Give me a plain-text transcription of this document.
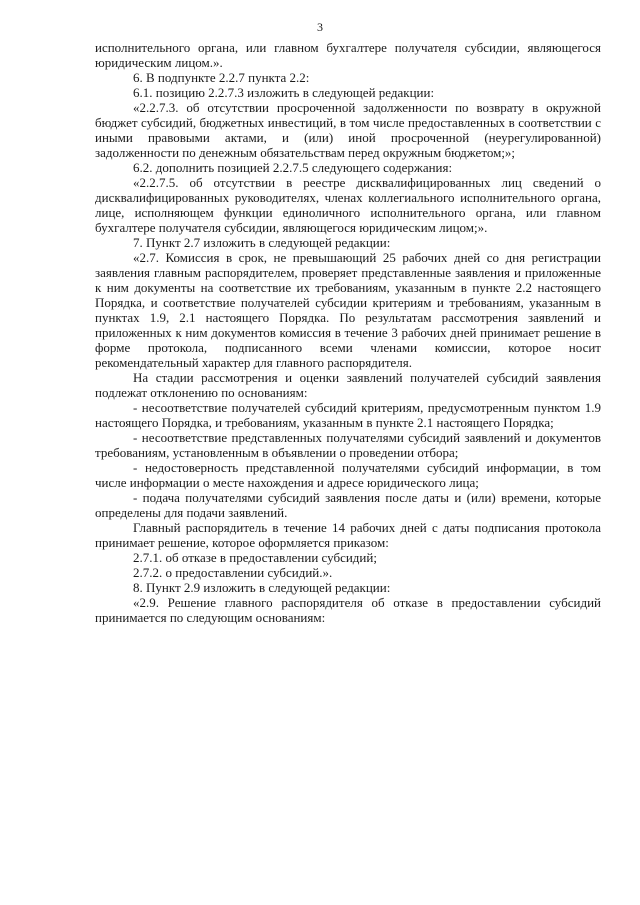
3

исполнительного органа, или главном бухгалтере получателя субсидии, являющегося юридическим лицом.».

6. В подпункте 2.2.7 пункта 2.2:

6.1. позицию 2.2.7.3 изложить в следующей редакции:

«2.2.7.3. об отсутствии просроченной задолженности по возврату в окружной бюджет субсидий, бюджетных инвестиций, в том числе предоставленных в соответствии с иными правовыми актами, и (или) иной просроченной (неурегулированной) задолженности по денежным обязательствам перед окружным бюджетом;»;

6.2. дополнить позицией 2.2.7.5 следующего содержания:

«2.2.7.5. об отсутствии в реестре дисквалифицированных лиц сведений о дисквалифицированных руководителях, членах коллегиального исполнительного органа, лице, исполняющем функции единоличного исполнительного органа, или главном бухгалтере получателя субсидии, являющегося юридическим лицом;».

7. Пункт 2.7 изложить в следующей редакции:

«2.7. Комиссия в срок, не превышающий 25 рабочих дней со дня регистрации заявления главным распорядителем, проверяет представленные заявления и приложенные к ним документы на соответствие их требованиям, указанным в пункте 2.2 настоящего Порядка, и соответствие получателей субсидии критериям и требованиям, указанным в пунктах 1.9, 2.1 настоящего Порядка. По результатам рассмотрения заявлений и приложенных к ним документов комиссия в течение 3 рабочих дней принимает решение в форме протокола, подписанного всеми членами комиссии, которое носит рекомендательный характер для главного распорядителя.

На стадии рассмотрения и оценки заявлений получателей субсидий заявления подлежат отклонению по основаниям:

- несоответствие получателей субсидий критериям, предусмотренным пунктом 1.9 настоящего Порядка, и требованиям, указанным в пункте 2.1 настоящего Порядка;

- несоответствие представленных получателями субсидий заявлений и документов требованиям, установленным в объявлении о проведении отбора;

- недостоверность представленной получателями субсидий информации, в том числе информации о месте нахождения и адресе юридического лица;

- подача получателями субсидий заявления после даты и (или) времени, которые определены для подачи заявлений.

Главный распорядитель в течение 14 рабочих дней с даты подписания протокола принимает решение, которое оформляется приказом:

2.7.1. об отказе в предоставлении субсидий;

2.7.2. о предоставлении субсидий.».

8. Пункт 2.9 изложить в следующей редакции:

«2.9. Решение главного распорядителя об отказе в предоставлении субсидий принимается по следующим основаниям:
